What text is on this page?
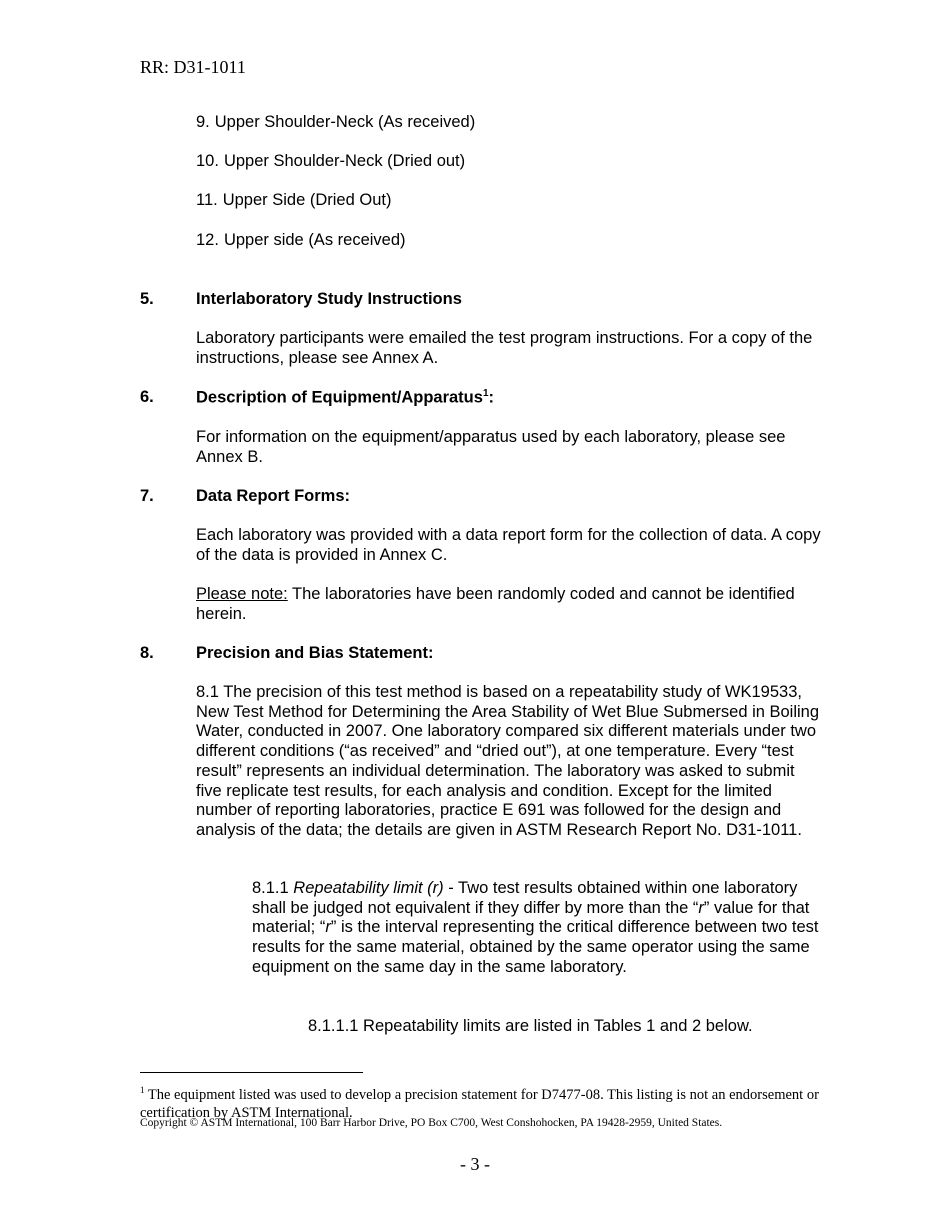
RR: D31-1011
9. Upper Shoulder-Neck (As received)
10. Upper Shoulder-Neck (Dried out)
11. Upper Side (Dried Out)
12. Upper side (As received)
5.	Interlaboratory Study Instructions
Laboratory participants were emailed the test program instructions. For a copy of the instructions, please see Annex A.
6.	Description of Equipment/Apparatus$^1$:
For information on the equipment/apparatus used by each laboratory, please see Annex B.
7.	Data Report Forms:
Each laboratory was provided with a data report form for the collection of data. A copy of the data is provided in Annex C.
Please note: The laboratories have been randomly coded and cannot be identified herein.
8.	Precision and Bias Statement:
8.1 The precision of this test method is based on a repeatability study of WK19533, New Test Method for Determining the Area Stability of Wet Blue Submersed in Boiling Water, conducted in 2007. One laboratory compared six different materials under two different conditions (“as received” and “dried out”), at one temperature. Every “test result” represents an individual determination. The laboratory was asked to submit five replicate test results, for each analysis and condition. Except for the limited number of reporting laboratories, practice E 691 was followed for the design and analysis of the data; the details are given in ASTM Research Report No. D31-1011.
8.1.1 Repeatability limit (r) - Two test results obtained within one laboratory shall be judged not equivalent if they differ by more than the “r” value for that material; “r” is the interval representing the critical difference between two test results for the same material, obtained by the same operator using the same equipment on the same day in the same laboratory.
8.1.1.1 Repeatability limits are listed in Tables 1 and 2 below.
$^1$ The equipment listed was used to develop a precision statement for D7477-08. This listing is not an endorsement or certification by ASTM International.
Copyright © ASTM International, 100 Barr Harbor Drive, PO Box C700, West Conshohocken, PA 19428-2959, United States.
- 3 -
